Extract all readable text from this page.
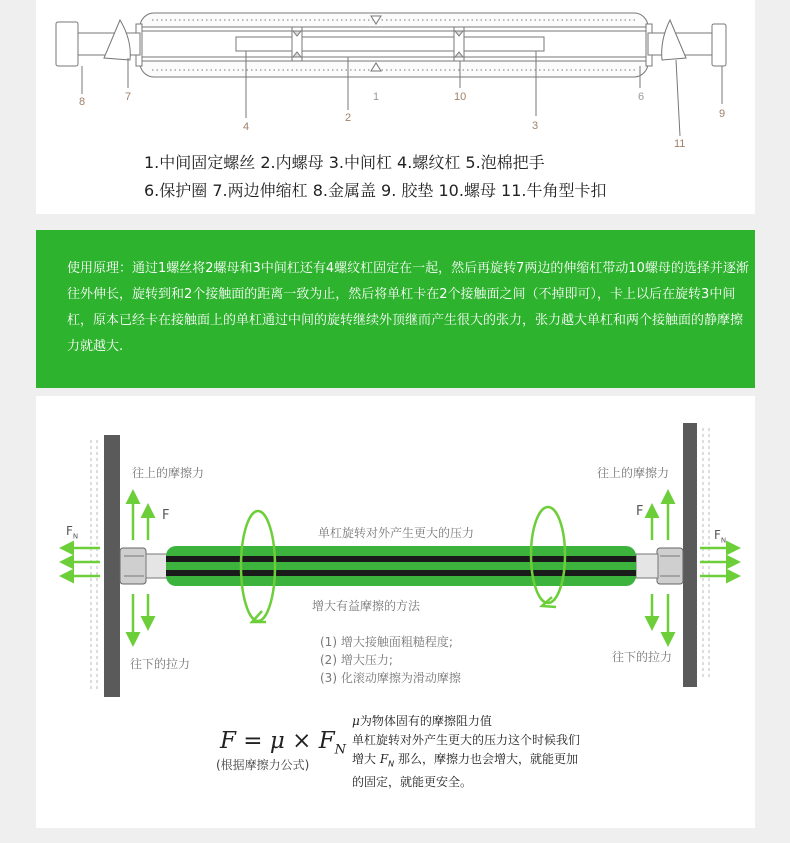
8	7
4
2
1	10
3
6
11
9
1.中间固定螺丝 2.内螺母 3.中间杠 4.螺纹杠 5.泡棉把手
6.保护圈 7.两边伸缩杠 8.金属盖 9. 胶垫 10.螺母 11.牛角型卡扣
使用原理：通过1螺丝将2螺母和3中间杠还有4螺纹杠固定在一起，然后再旋转7两边的伸缩杠带动10螺母的选择并逐渐往外伸长，旋转到和2个接触面的距离一致为止，然后将单杠卡在2个接触面之间（不掉即可），卡上以后在旋转3中间杠，原本已经卡在接触面上的单杠通过中间的旋转继续外顶继而产生很大的张力，张力越大单杠和两个接触面的静摩擦力就越大.
往上的摩擦力	往上的摩擦力
往下的拉力	往下的拉力
F	F
$F_N$	$F_N$
单杠旋转对外产生更大的压力
增大有益摩擦的方法
(1) 增大接触面粗糙程度;
(2) 增大压力;
(3) 化滚动摩擦为滑动摩擦
$F = \mu \times F_N$
(根据摩擦力公式)
μ为物体固有的摩擦阻力值
单杠旋转对外产生更大的压力这个时候我们
增大 $F_N$ 那么，摩擦力也会增大，就能更加
的固定，就能更安全。
